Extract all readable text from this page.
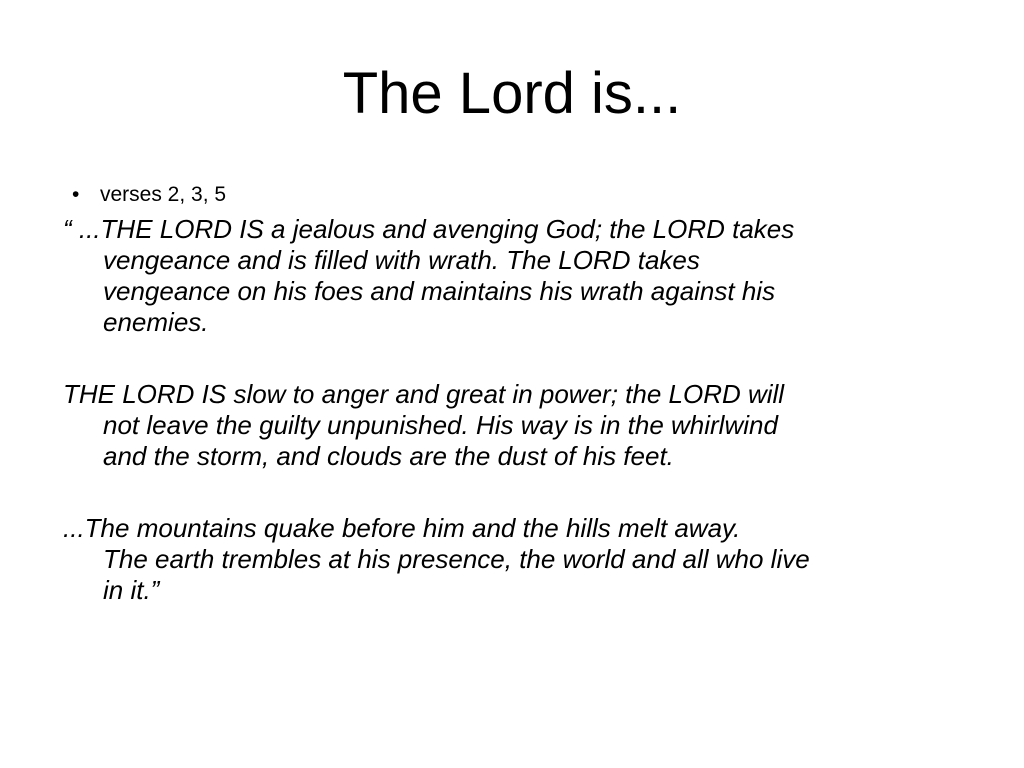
The Lord is...
• verses 2, 3, 5

“ ...THE LORD IS a jealous and avenging God; the LORD takes
vengeance and is filled with wrath. The LORD takes
vengeance on his foes and maintains his wrath against his
enemies.

THE LORD IS slow to anger and great in power; the LORD will
not leave the guilty unpunished. His way is in the whirlwind
and the storm, and clouds are the dust of his feet.

...The mountains quake before him and the hills melt away.
The earth trembles at his presence, the world and all who live
in it.”
